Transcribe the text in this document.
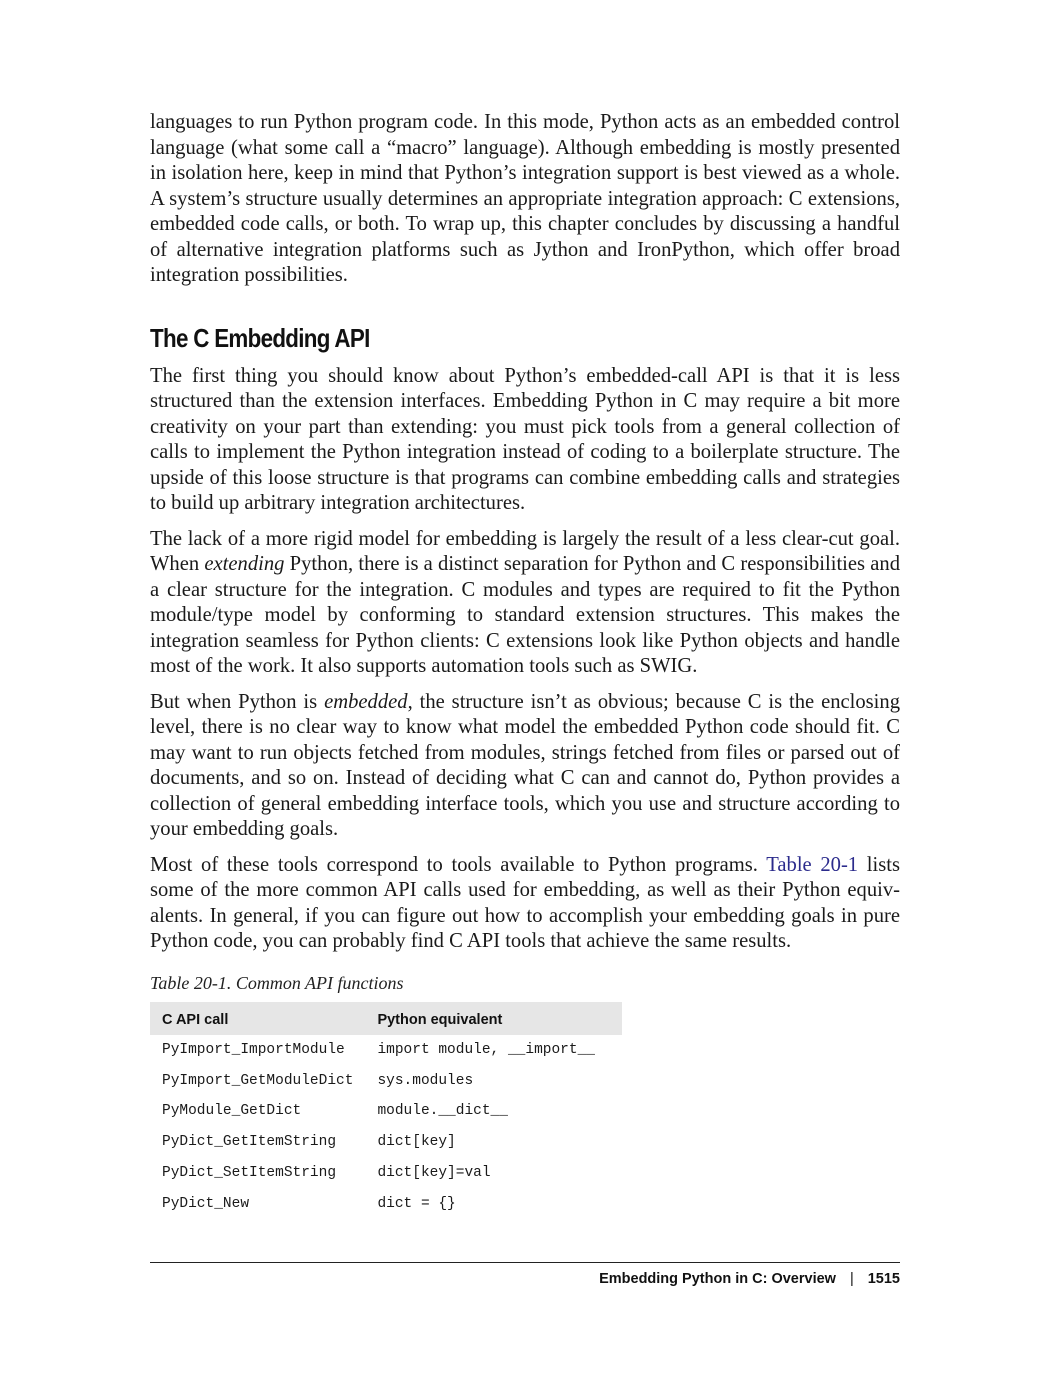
languages to run Python program code. In this mode, Python acts as an embedded control language (what some call a “macro” language). Although embedding is mostly presented in isolation here, keep in mind that Python’s integration support is best viewed as a whole. A system’s structure usually determines an appropriate integration approach: C extensions, embedded code calls, or both. To wrap up, this chapter concludes by discussing a handful of alternative integration platforms such as Jython and IronPython, which offer broad integration possibilities.

The C Embedding API

The first thing you should know about Python’s embedded-call API is that it is less structured than the extension interfaces. Embedding Python in C may require a bit more creativity on your part than extending: you must pick tools from a general collection of calls to implement the Python integration instead of coding to a boilerplate structure. The upside of this loose structure is that programs can combine embedding calls and strategies to build up arbitrary integration architectures.

The lack of a more rigid model for embedding is largely the result of a less clear-cut goal. When extending Python, there is a distinct separation for Python and C responsibilities and a clear structure for the integration. C modules and types are required to fit the Python module/type model by conforming to standard extension structures. This makes the integration seamless for Python clients: C extensions look like Python objects and handle most of the work. It also supports automation tools such as SWIG.

But when Python is embedded, the structure isn’t as obvious; because C is the enclosing level, there is no clear way to know what model the embedded Python code should fit. C may want to run objects fetched from modules, strings fetched from files or parsed out of documents, and so on. Instead of deciding what C can and cannot do, Python provides a collection of general embedding interface tools, which you use and structure according to your embedding goals.

Most of these tools correspond to tools available to Python programs. Table 20-1 lists some of the more common API calls used for embedding, as well as their Python equivalents. In general, if you can figure out how to accomplish your embedding goals in pure Python code, you can probably find C API tools that achieve the same results.

Table 20-1. Common API functions
C API call	Python equivalent
PyImport_ImportModule	import module, __import__
PyImport_GetModuleDict	sys.modules
PyModule_GetDict	module.__dict__
PyDict_GetItemString	dict[key]
PyDict_SetItemString	dict[key]=val
PyDict_New	dict = {}
Embedding Python in C: Overview | 1515
